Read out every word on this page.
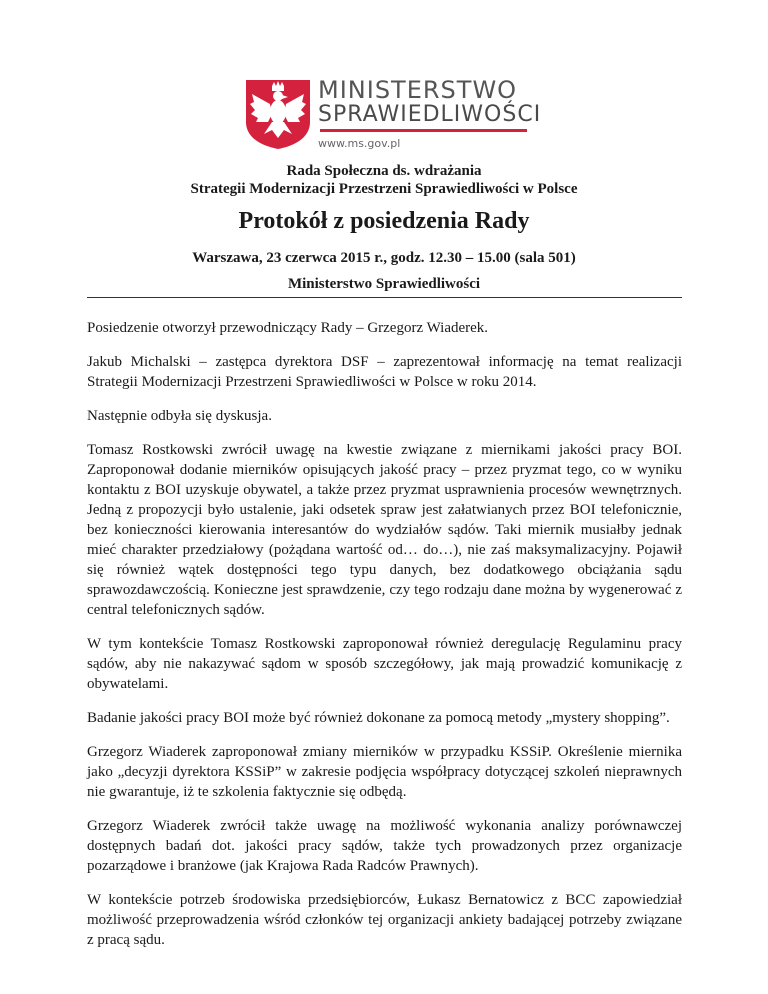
MINISTERSTWO
SPRAWIEDLIWOŚCI
www.ms.gov.pl
Rada Społeczna ds. wdrażania
Strategii Modernizacji Przestrzeni Sprawiedliwości w Polsce
Protokół z posiedzenia Rady
Warszawa, 23 czerwca 2015 r., godz. 12.30 – 15.00 (sala 501)
Ministerstwo Sprawiedliwości

Posiedzenie otworzył przewodniczący Rady – Grzegorz Wiaderek.

Jakub Michalski – zastępca dyrektora DSF – zaprezentował informację na temat realizacji Strategii Modernizacji Przestrzeni Sprawiedliwości w Polsce w roku 2014.

Następnie odbyła się dyskusja.

Tomasz Rostkowski zwrócił uwagę na kwestie związane z miernikami jakości pracy BOI. Zaproponował dodanie mierników opisujących jakość pracy – przez pryzmat tego, co w wyniku kontaktu z BOI uzyskuje obywatel, a także przez pryzmat usprawnienia procesów wewnętrznych. Jedną z propozycji było ustalenie, jaki odsetek spraw jest załatwianych przez BOI telefonicznie, bez konieczności kierowania interesantów do wydziałów sądów. Taki miernik musiałby jednak mieć charakter przedziałowy (pożądana wartość od… do…), nie zaś maksymalizacyjny. Pojawił się również wątek dostępności tego typu danych, bez dodatkowego obciążania sądu sprawozdawczością. Konieczne jest sprawdzenie, czy tego rodzaju dane można by wygenerować z central telefonicznych sądów.

W tym kontekście Tomasz Rostkowski zaproponował również deregulację Regulaminu pracy sądów, aby nie nakazywać sądom w sposób szczegółowy, jak mają prowadzić komunikację z obywatelami.

Badanie jakości pracy BOI może być również dokonane za pomocą metody „mystery shopping”.

Grzegorz Wiaderek zaproponował zmiany mierników w przypadku KSSiP. Określenie miernika jako „decyzji dyrektora KSSiP” w zakresie podjęcia współpracy dotyczącej szkoleń nieprawnych nie gwarantuje, iż te szkolenia faktycznie się odbędą.

Grzegorz Wiaderek zwrócił także uwagę na możliwość wykonania analizy porównawczej dostępnych badań dot. jakości pracy sądów, także tych prowadzonych przez organizacje pozarządowe i branżowe (jak Krajowa Rada Radców Prawnych).

W kontekście potrzeb środowiska przedsiębiorców, Łukasz Bernatowicz z BCC zapowiedział możliwość przeprowadzenia wśród członków tej organizacji ankiety badającej potrzeby związane z pracą sądu.
